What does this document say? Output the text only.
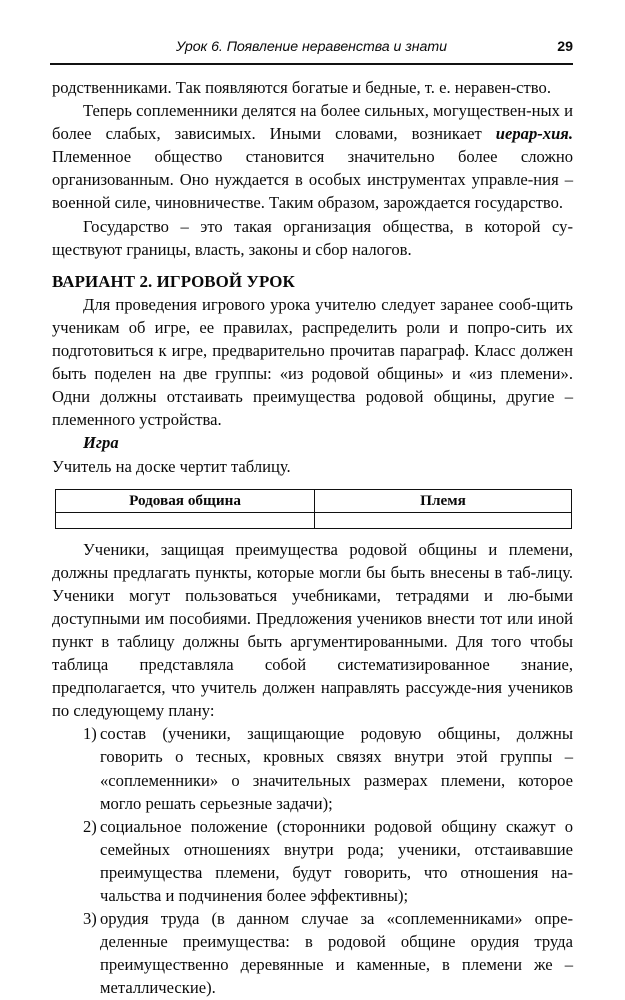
Урок 6. Появление неравенства и знати	29

родственниками. Так появляются богатые и бедные, т. е. неравен-ство.

Теперь соплеменники делятся на более сильных, могуществен-ных и более слабых, зависимых. Иными словами, возникает иерар-хия. Племенное общество становится значительно более сложно организованным. Оно нуждается в особых инструментах управле-ния – военной силе, чиновничестве. Таким образом, зарождается государство.

Государство – это такая организация общества, в которой су-ществуют границы, власть, законы и сбор налогов.

ВАРИАНТ 2. ИГРОВОЙ УРОК

Для проведения игрового урока учителю следует заранее сооб-щить ученикам об игре, ее правилах, распределить роли и попро-сить их подготовиться к игре, предварительно прочитав параграф. Класс должен быть поделен на две группы: «из родовой общины» и «из племени». Одни должны отстаивать преимущества родовой общины, другие – племенного устройства.

Игра

Учитель на доске чертит таблицу.

Родовая община	Племя

Ученики, защищая преимущества родовой общины и племени, должны предлагать пункты, которые могли бы быть внесены в таб-лицу. Ученики могут пользоваться учебниками, тетрадями и лю-быми доступными им пособиями. Предложения учеников внести тот или иной пункт в таблицу должны быть аргументированными. Для того чтобы таблица представляла собой систематизированное знание, предполагается, что учитель должен направлять рассужде-ния учеников по следующему плану:

1) состав (ученики, защищающие родовую общины, должны говорить о тесных, кровных связях внутри этой группы – «соплеменники» о значительных размерах племени, которое могло решать серьезные задачи);
2) социальное положение (сторонники родовой общину скажут о семейных отношениях внутри рода; ученики, отстаивавшие преимущества племени, будут говорить, что отношения на-чальства и подчинения более эффективны);
3) орудия труда (в данном случае за «соплеменниками» опре-деленные преимущества: в родовой общине орудия труда преимущественно деревянные и каменные, в племени же – металлические).
